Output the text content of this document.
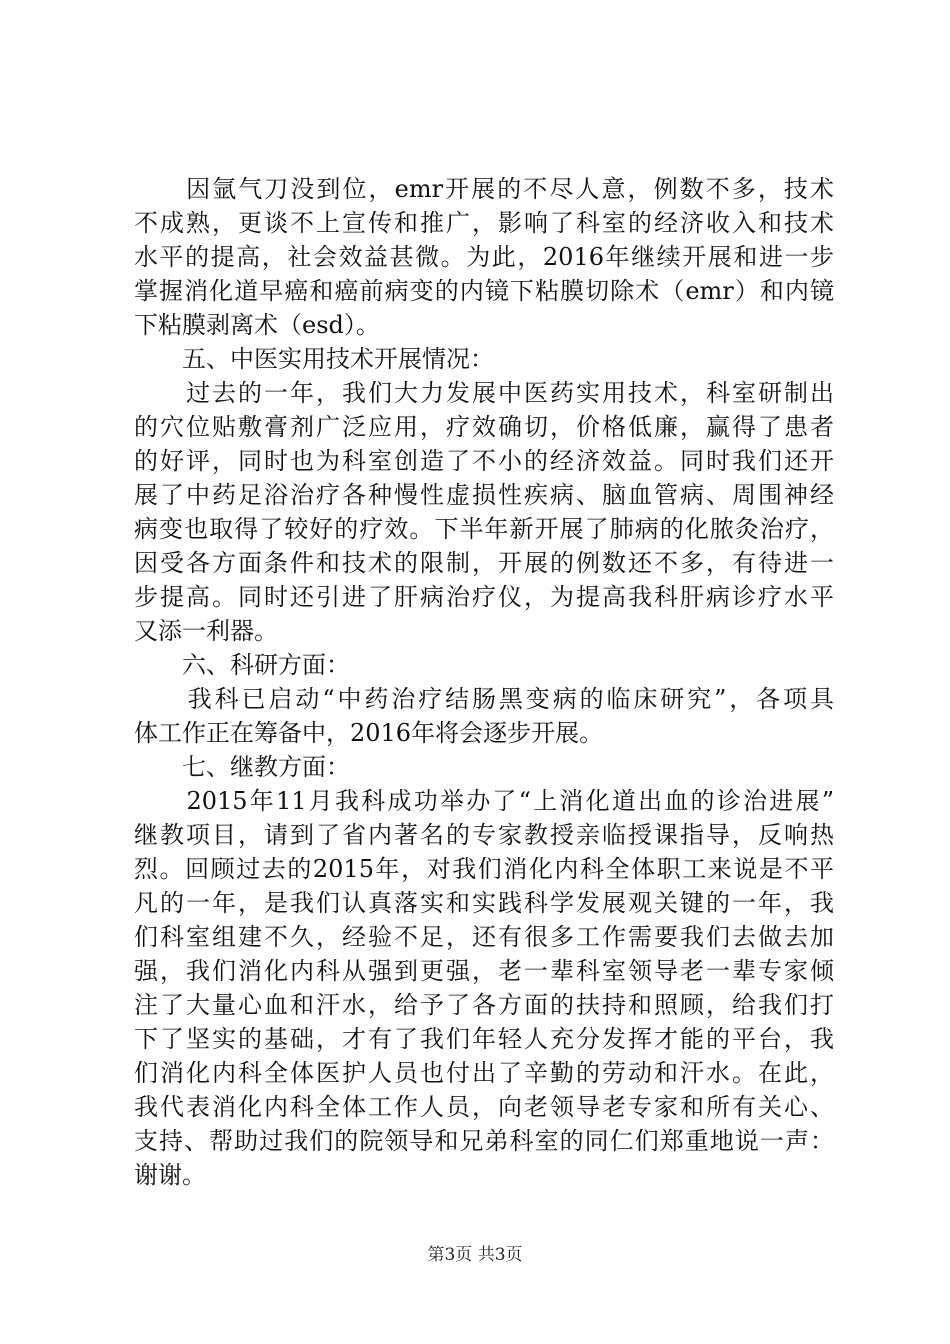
　　因氩气刀没到位，emr开展的不尽人意，例数不多，技术
不成熟，更谈不上宣传和推广，影响了科室的经济收入和技术
水平的提高，社会效益甚微。为此，2016年继续开展和进一步
掌握消化道早癌和癌前病变的内镜下粘膜切除术（emr）和内镜
下粘膜剥离术（esd）。
　　五、中医实用技术开展情况：
　　过去的一年，我们大力发展中医药实用技术，科室研制出
的穴位贴敷膏剂广泛应用，疗效确切，价格低廉，赢得了患者
的好评，同时也为科室创造了不小的经济效益。同时我们还开
展了中药足浴治疗各种慢性虚损性疾病、脑血管病、周围神经
病变也取得了较好的疗效。下半年新开展了肺病的化脓灸治疗，
因受各方面条件和技术的限制，开展的例数还不多，有待进一
步提高。同时还引进了肝病治疗仪，为提高我科肝病诊疗水平
又添一利器。
　　六、科研方面：
　　我科已启动“中药治疗结肠黑变病的临床研究”，各项具
体工作正在筹备中，2016年将会逐步开展。
　　七、继教方面：
　　2015年11月我科成功举办了“上消化道出血的诊治进展”
继教项目，请到了省内著名的专家教授亲临授课指导，反响热
烈。回顾过去的2015年，对我们消化内科全体职工来说是不平
凡的一年，是我们认真落实和实践科学发展观关键的一年，我
们科室组建不久，经验不足，还有很多工作需要我们去做去加
强，我们消化内科从强到更强，老一辈科室领导老一辈专家倾
注了大量心血和汗水，给予了各方面的扶持和照顾，给我们打
下了坚实的基础，才有了我们年轻人充分发挥才能的平台，我
们消化内科全体医护人员也付出了辛勤的劳动和汗水。在此，
我代表消化内科全体工作人员，向老领导老专家和所有关心、
支持、帮助过我们的院领导和兄弟科室的同仁们郑重地说一声：
谢谢。
第3页 共3页
